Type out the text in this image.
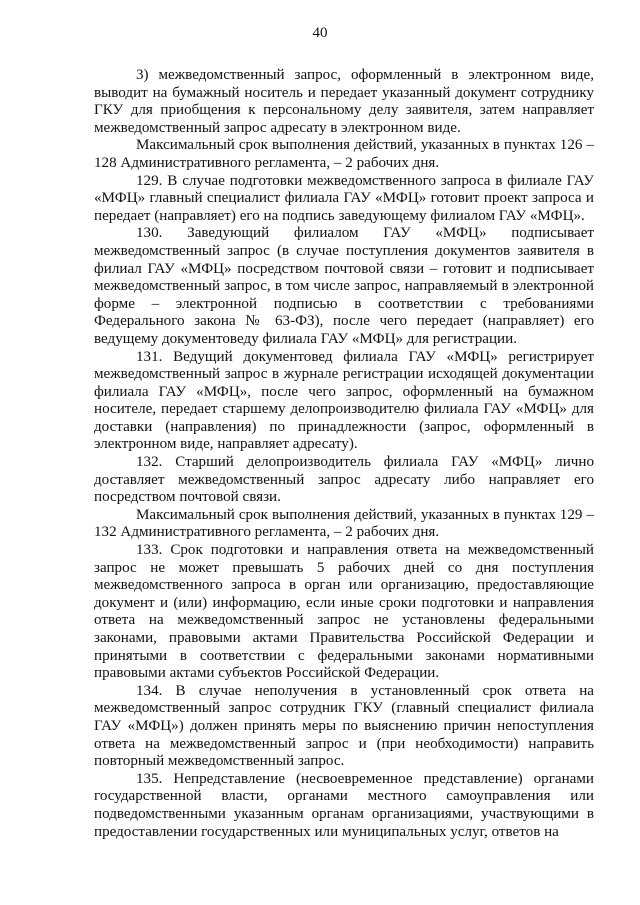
40

3) межведомственный запрос, оформленный в электронном виде, выводит на бумажный носитель и передает указанный документ сотруднику ГКУ для приобщения к персональному делу заявителя, затем направляет межведомственный запрос адресату в электронном виде.

Максимальный срок выполнения действий, указанных в пунктах 126 – 128 Административного регламента, – 2 рабочих дня.

129. В случае подготовки межведомственного запроса в филиале ГАУ «МФЦ» главный специалист филиала ГАУ «МФЦ» готовит проект запроса и передает (направляет) его на подпись заведующему филиалом ГАУ «МФЦ».

130. Заведующий филиалом ГАУ «МФЦ» подписывает межведомственный запрос (в случае поступления документов заявителя в филиал ГАУ «МФЦ» посредством почтовой связи – готовит и подписывает межведомственный запрос, в том числе запрос, направляемый в электронной форме – электронной подписью в соответствии с требованиями Федерального закона № 63-ФЗ), после чего передает (направляет) его ведущему документоведу филиала ГАУ «МФЦ» для регистрации.

131. Ведущий документовед филиала ГАУ «МФЦ» регистрирует межведомственный запрос в журнале регистрации исходящей документации филиала ГАУ «МФЦ», после чего запрос, оформленный на бумажном носителе, передает старшему делопроизводителю филиала ГАУ «МФЦ» для доставки (направления) по принадлежности (запрос, оформленный в электронном виде, направляет адресату).

132. Старший делопроизводитель филиала ГАУ «МФЦ» лично доставляет межведомственный запрос адресату либо направляет его посредством почтовой связи.

Максимальный срок выполнения действий, указанных в пунктах 129 – 132 Административного регламента, – 2 рабочих дня.

133. Срок подготовки и направления ответа на межведомственный запрос не может превышать 5 рабочих дней со дня поступления межведомственного запроса в орган или организацию, предоставляющие документ и (или) информацию, если иные сроки подготовки и направления ответа на межведомственный запрос не установлены федеральными законами, правовыми актами Правительства Российской Федерации и принятыми в соответствии с федеральными законами нормативными правовыми актами субъектов Российской Федерации.

134. В случае неполучения в установленный срок ответа на межведомственный запрос сотрудник ГКУ (главный специалист филиала ГАУ «МФЦ») должен принять меры по выяснению причин непоступления ответа на межведомственный запрос и (при необходимости) направить повторный межведомственный запрос.

135. Непредставление (несвоевременное представление) органами государственной власти, органами местного самоуправления или подведомственными указанным органам организациями, участвующими в предоставлении государственных или муниципальных услуг, ответов на
